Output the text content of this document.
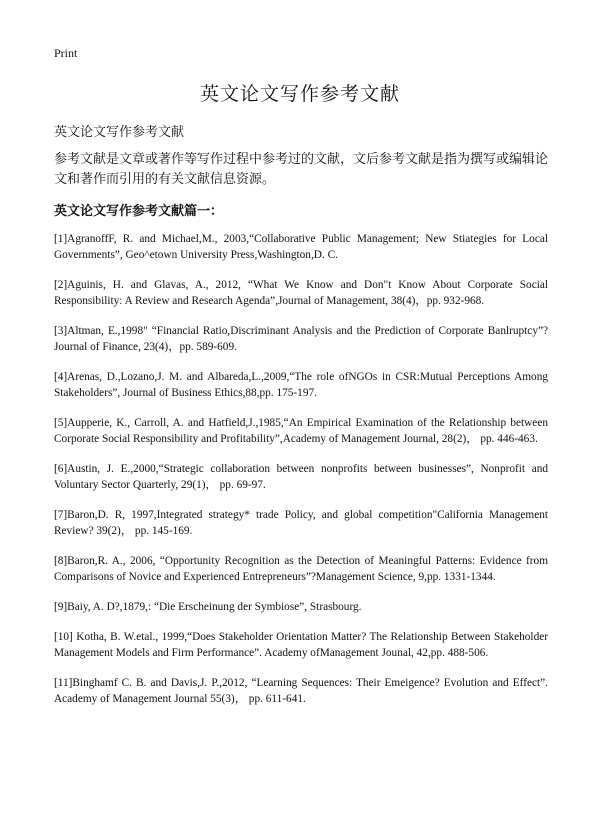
Print
英文论文写作参考文献
英文论文写作参考文献
参考文献是文章或著作等写作过程中参考过的文献，文后参考文献是指为撰写或编辑论文和著作而引用的有关文献信息资源。
英文论文写作参考文献篇一：
[1]AgranoffF, R. and Michael,M., 2003,“Collaborative Public Management; New Stiategies for Local Governments”, Geo^etown University Press,Washington,D. C.
[2]Aguinis, H. and Glavas, A., 2012, “What We Know and Don"t Know About Corporate Social Responsibility: A Review and Research Agenda”,Journal of Management, 38(4)，pp. 932-968.
[3]Altman, E.,1998" “Financial Ratio,Discriminant Analysis and the Prediction of Corporate Banlruptcy”? Journal of Finance, 23(4)，pp. 589-609.
[4]Arenas, D.,Lozano,J. M. and Albareda,L.,2009,“The role ofNGOs in CSR:Mutual Perceptions Among Stakeholders”, Journal of Business Ethics,88,pp. 175-197.
[5]Aupperie, K., Carroll, A. and Hatfield,J.,1985,“An Empirical Examination of the Relationship between Corporate Social Responsibility and Profitability”,Academy of Management Journal, 28(2)， pp. 446-463.
[6]Austin, J. E.,2000,“Strategic collaboration between nonprofits between businesses”, Nonprofit and Voluntary Sector Quarterly, 29(1)， pp. 69-97.
[7]Baron,D. R, 1997,Integrated strategy* trade Policy, and global competition"California Management Review? 39(2)， pp. 145-169.
[8]Baron,R. A., 2006, “Opportunity Recognition as the Detection of Meaningful Patterns: Evidence from Comparisons of Novice and Experienced Entrepreneurs”?Management Science, 9,pp. 1331-1344.
[9]Baiy, A. D?,1879,: “Die Erscheinung der Symbiose”, Strasbourg.
[10] Kotha, B. W.etal., 1999,“Does Stakeholder Orientation Matter? The Relationship Between Stakeholder Management Models and Firm Performance”. Academy ofManagement Jounal, 42,pp. 488-506.
[11]Binghamf C. B. and Davis,J. P.,2012, “Learning Sequences: Their Emeigence? Evolution and Effect”. Academy of Management Journal 55(3)， pp. 611-641.
